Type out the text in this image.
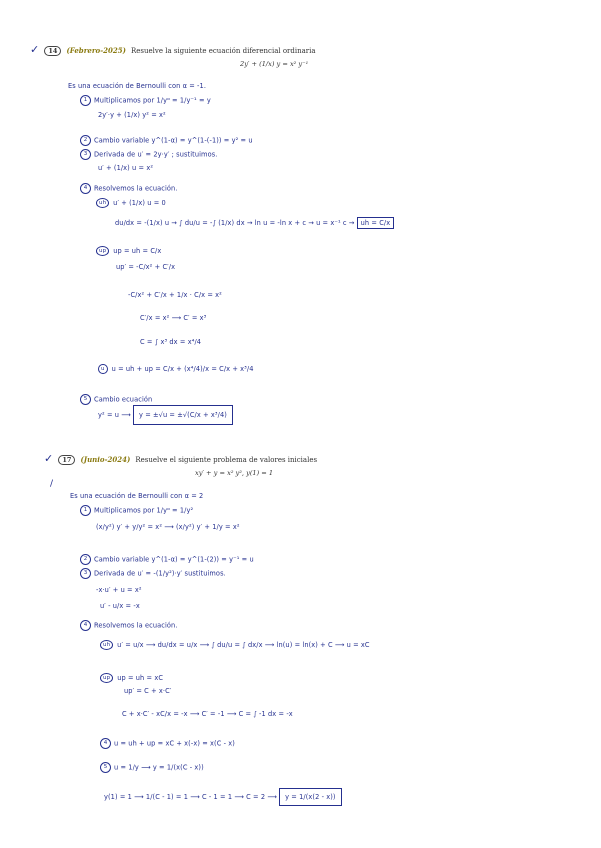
✓ 14 (Febrero-2025) Resuelve la siguiente ecuación diferencial ordinaria
2y′ + (1/x) y = x² y⁻¹
Es una ecuación de Bernoulli con α = -1.
1 Multiplicamos por 1/yᵅ = 1/y⁻¹ = y
2y′·y + (1/x) y² = x²
2 Cambio variable y^(1-α) = y^(1-(-1)) = y² = u
3 Derivada de u′ = 2y·y′ ; sustituimos.
u′ + (1/x) u = x²
4 Resolvemos la ecuación.
uh u′ + (1/x) u = 0
du/dx = -(1/x) u → ∫ du/u = -∫ (1/x) dx → ln u = -ln x + c → u = x⁻¹ c → uh = C/x
up up = uh = C/x
up′ = -C/x² + C′/x
-C/x² + C′/x + 1/x · C/x = x²
C′/x = x² ⟶ C′ = x³
C = ∫ x³ dx = x⁴/4
u u = uh + up = C/x + (x⁴/4)/x = C/x + x³/4
5 Cambio ecuación
y² = u ⟶ y = ±√u = ±√(C/x + x³/4)
✓ 17 (Junio-2024) Resuelve el siguiente problema de valores iniciales
xy′ + y = x² y², y(1) = 1
/
Es una ecuación de Bernoulli con α = 2
1 Multiplicamos por 1/yᵅ = 1/y²
(x/y²) y′ + y/y² = x² ⟶ (x/y²) y′ + 1/y = x²
2 Cambio variable y^(1-α) = y^(1-(2)) = y⁻¹ = u
3 Derivada de u′ = -(1/y²)·y′ sustituimos.
-x·u′ + u = x²
u′ - u/x = -x
4 Resolvemos la ecuación.
uh u′ = u/x ⟶ du/dx = u/x ⟶ ∫ du/u = ∫ dx/x ⟶ ln(u) = ln(x) + C ⟶ u = xC
up up = uh = xC
up′ = C + x·C′
C + x·C′ - xC/x = -x ⟶ C′ = -1 ⟶ C = ∫ -1 dx = -x
4 u = uh + up = xC + x(-x) = x(C - x)
5 u = 1/y ⟶ y = 1/(x(C - x))
y(1) = 1 ⟶ 1/(C - 1) = 1 ⟶ C - 1 = 1 ⟶ C = 2 ⟶ y = 1/(x(2 - x))
